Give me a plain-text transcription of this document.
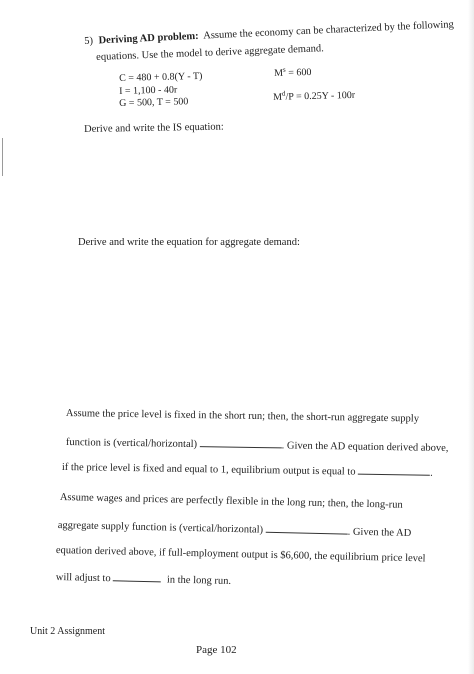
5) Deriving AD problem: Assume the economy can be characterized by the following
equations. Use the model to derive aggregate demand.
C = 480 + 0.8(Y - T)
I = 1,100 - 40r
G = 500, T = 500
$M^s = 600$
$M^d/P = 0.25Y - 100r$
Derive and write the IS equation:
Derive and write the equation for aggregate demand:
Assume the price level is fixed in the short run; then, the short-run aggregate supply
function is (vertical/horizontal)	. Given the AD equation derived above,
if the price level is fixed and equal to 1, equilibrium output is equal to	.
Assume wages and prices are perfectly flexible in the long run; then, the long-run
aggregate supply function is (vertical/horizontal)	. Given the AD
equation derived above, if full-employment output is $6,600, the equilibrium price level
will adjust to	in the long run.
Unit 2 Assignment
Page 102
